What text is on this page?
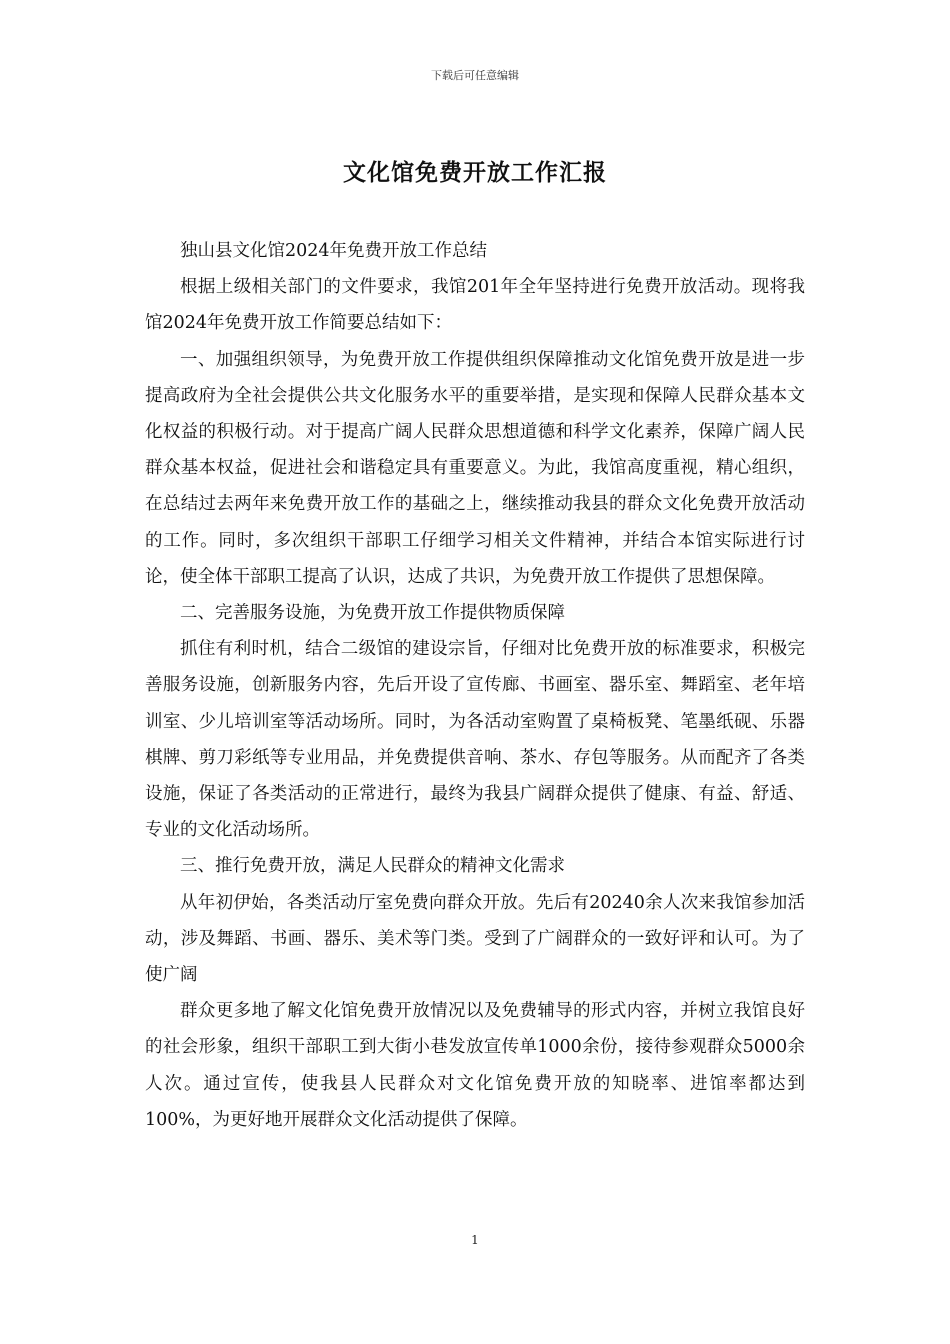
下载后可任意编辑
文化馆免费开放工作汇报

独山县文化馆2024年免费开放工作总结

根据上级相关部门的文件要求，我馆201年全年坚持进行免费开放活动。现将我馆2024年免费开放工作简要总结如下：

一、加强组织领导，为免费开放工作提供组织保障推动文化馆免费开放是进一步提高政府为全社会提供公共文化服务水平的重要举措，是实现和保障人民群众基本文化权益的积极行动。对于提高广阔人民群众思想道德和科学文化素养，保障广阔人民群众基本权益，促进社会和谐稳定具有重要意义。为此，我馆高度重视，精心组织，在总结过去两年来免费开放工作的基础之上，继续推动我县的群众文化免费开放活动的工作。同时，多次组织干部职工仔细学习相关文件精神，并结合本馆实际进行讨论，使全体干部职工提高了认识，达成了共识，为免费开放工作提供了思想保障。

二、完善服务设施，为免费开放工作提供物质保障

抓住有利时机，结合二级馆的建设宗旨，仔细对比免费开放的标准要求，积极完善服务设施，创新服务内容，先后开设了宣传廊、书画室、器乐室、舞蹈室、老年培训室、少儿培训室等活动场所。同时，为各活动室购置了桌椅板凳、笔墨纸砚、乐器棋牌、剪刀彩纸等专业用品，并免费提供音响、茶水、存包等服务。从而配齐了各类设施，保证了各类活动的正常进行，最终为我县广阔群众提供了健康、有益、舒适、专业的文化活动场所。

三、推行免费开放，满足人民群众的精神文化需求

从年初伊始，各类活动厅室免费向群众开放。先后有20240余人次来我馆参加活动，涉及舞蹈、书画、器乐、美术等门类。受到了广阔群众的一致好评和认可。为了使广阔

群众更多地了解文化馆免费开放情况以及免费辅导的形式内容，并树立我馆良好的社会形象，组织干部职工到大街小巷发放宣传单1000余份，接待参观群众5000余人次。通过宣传，使我县人民群众对文化馆免费开放的知晓率、进馆率都达到100%，为更好地开展群众文化活动提供了保障。

1
